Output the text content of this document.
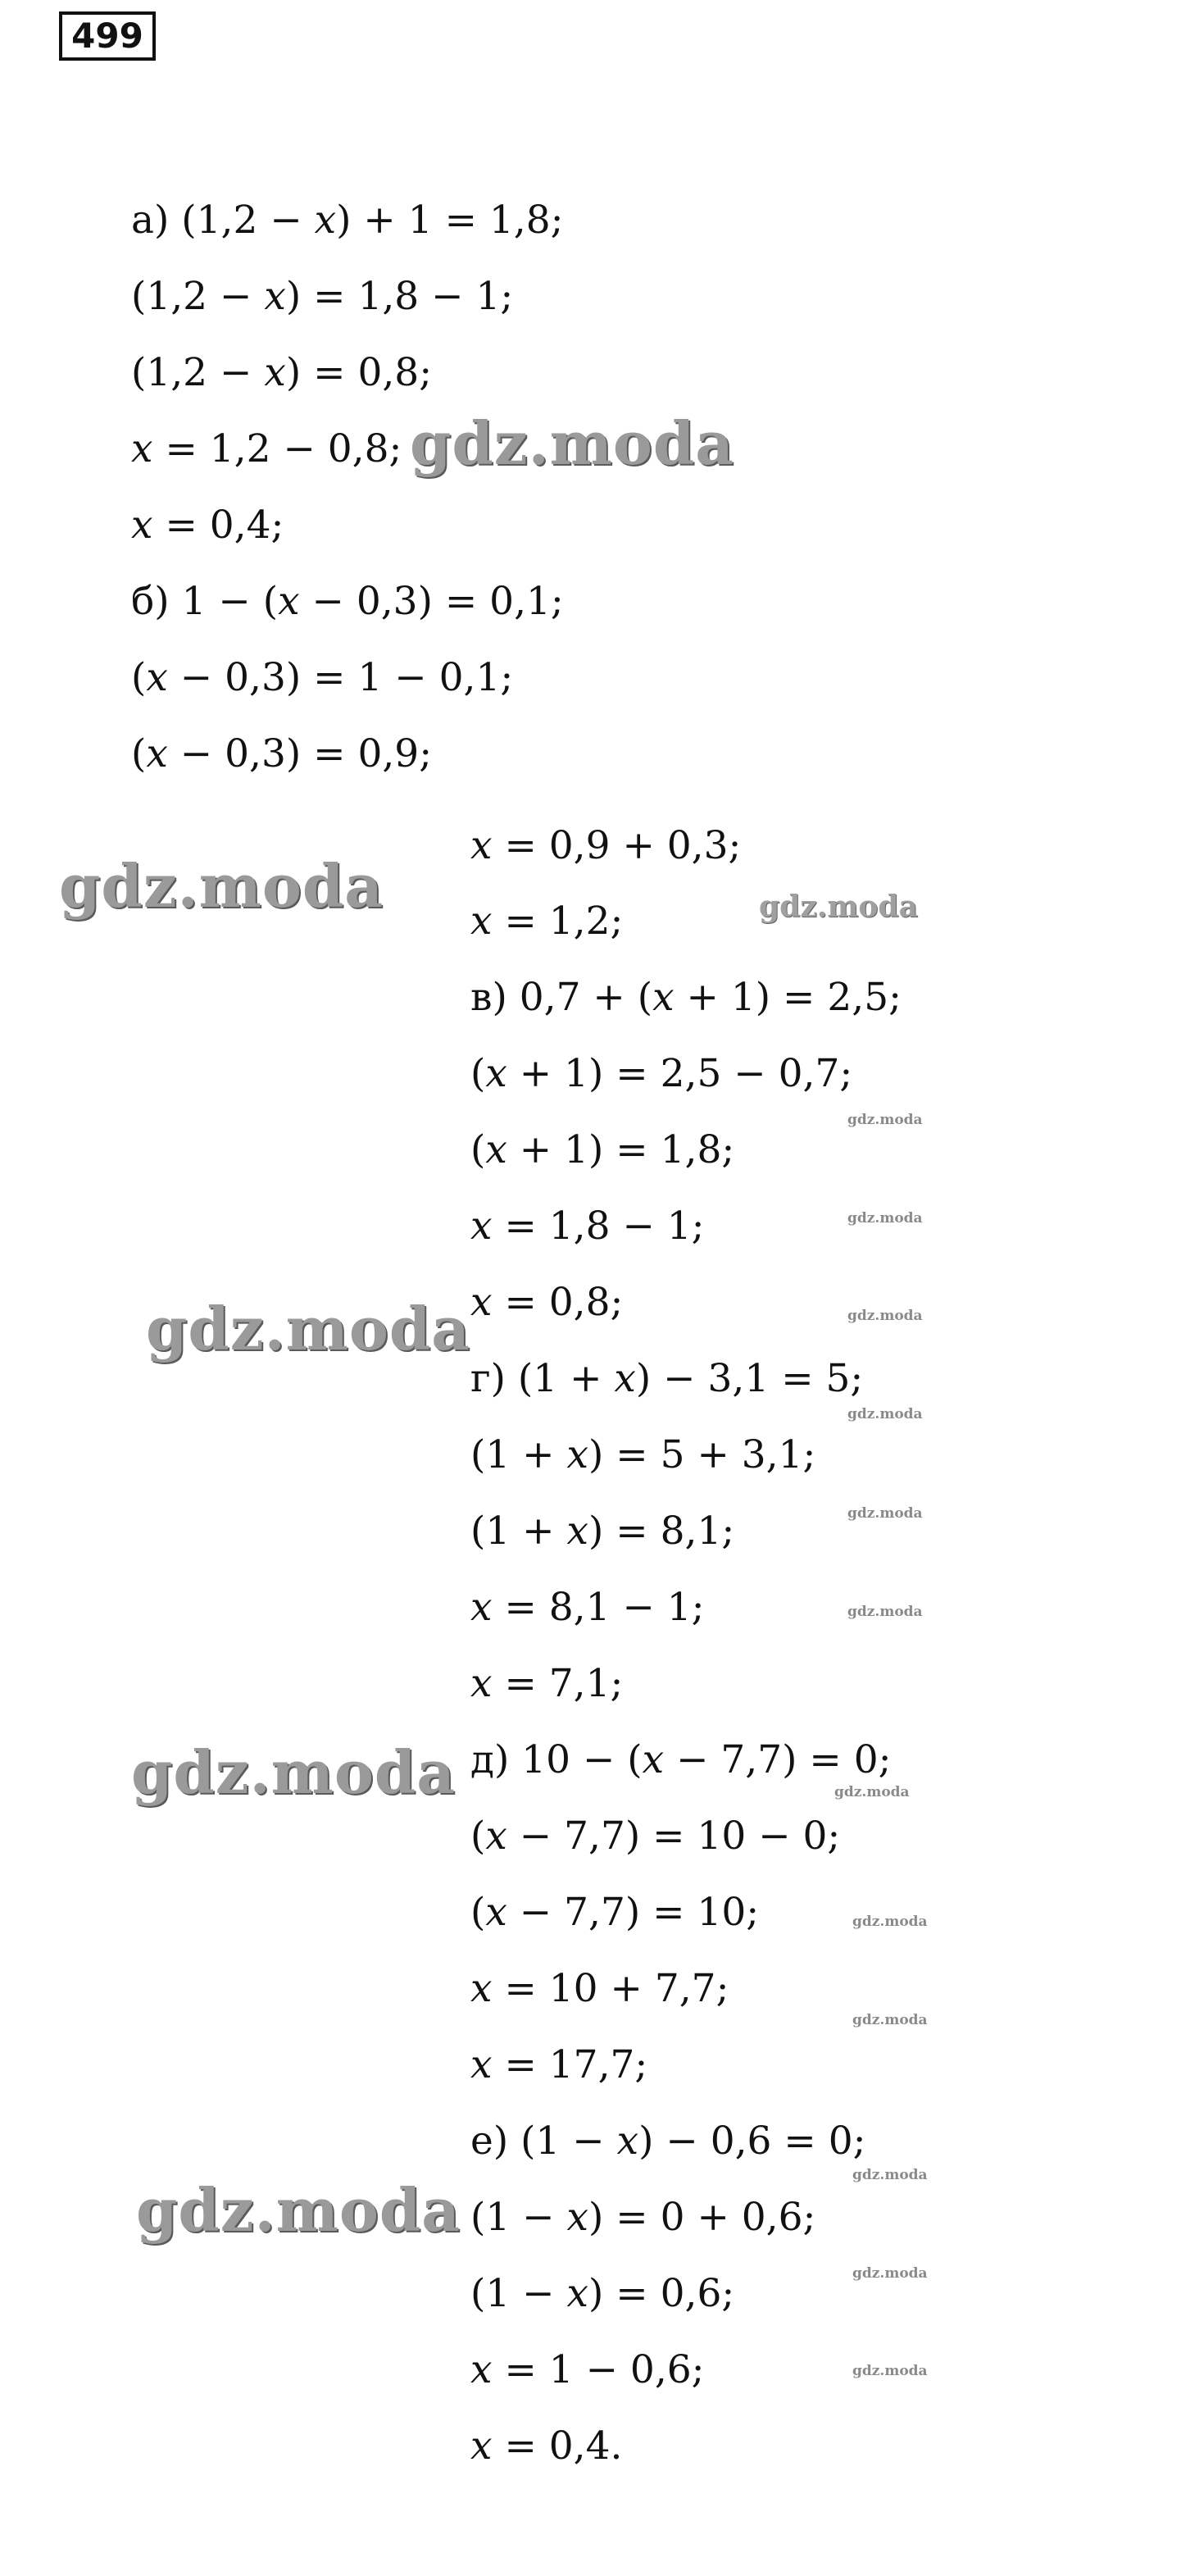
499
а) (1,2 − 𝑥) + 1 = 1,8;
(1,2 − 𝑥) = 1,8 − 1;
(1,2 − 𝑥) = 0,8;
𝑥 = 1,2 − 0,8;
𝑥 = 0,4;
б) 1 − (𝑥 − 0,3) = 0,1;
(𝑥 − 0,3) = 1 − 0,1;
(𝑥 − 0,3) = 0,9;
𝑥 = 0,9 + 0,3;
𝑥 = 1,2;
в) 0,7 + (𝑥 + 1) = 2,5;
(𝑥 + 1) = 2,5 − 0,7;
(𝑥 + 1) = 1,8;
𝑥 = 1,8 − 1;
𝑥 = 0,8;
г) (1 + 𝑥) − 3,1 = 5;
(1 + 𝑥) = 5 + 3,1;
(1 + 𝑥) = 8,1;
𝑥 = 8,1 − 1;
𝑥 = 7,1;
д) 10 − (𝑥 − 7,7) = 0;
(𝑥 − 7,7) = 10 − 0;
(𝑥 − 7,7) = 10;
𝑥 = 10 + 7,7;
𝑥 = 17,7;
е) (1 − 𝑥) − 0,6 = 0;
(1 − 𝑥) = 0 + 0,6;
(1 − 𝑥) = 0,6;
𝑥 = 1 − 0,6;
𝑥 = 0,4.
gdz.moda
gdz.moda	gdz.moda
gdz.moda
gdz.moda
gdz.moda
gdz.moda
gdz.moda
gdz.moda
gdz.moda
gdz.moda	gdz.moda
gdz.moda
gdz.moda
gdz.moda
gdz.moda
gdz.moda
gdz.moda
